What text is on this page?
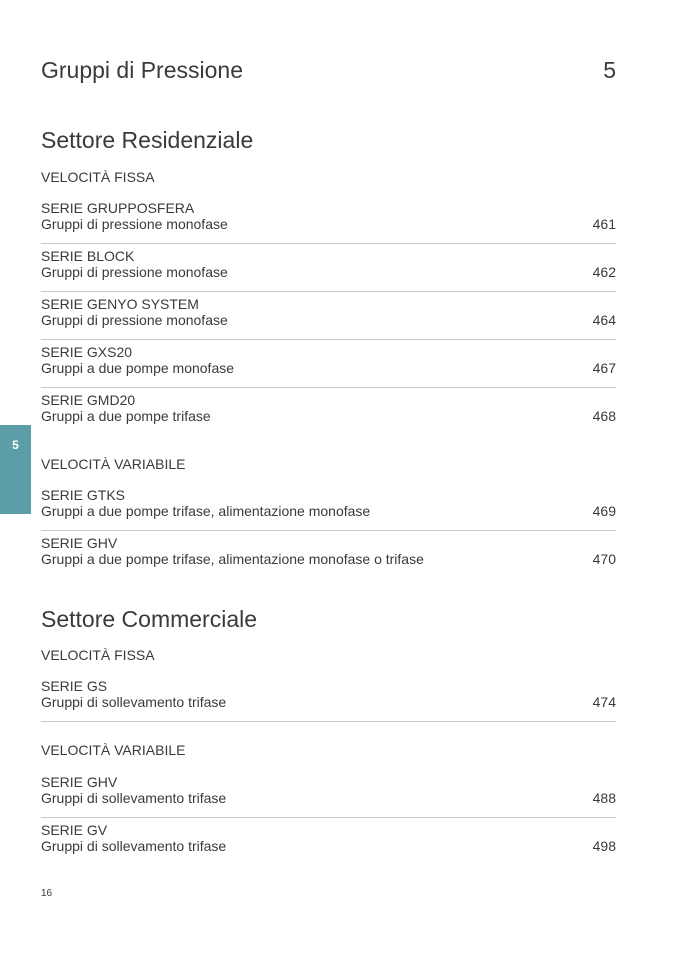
Gruppi di Pressione	5
5
Settore Residenziale
VELOCITÀ FISSA
SERIE GRUPPOSFERA
Gruppi di pressione monofase	461
SERIE BLOCK
Gruppi di pressione monofase	462
SERIE GENYO SYSTEM
Gruppi di pressione monofase	464
SERIE GXS20
Gruppi a due pompe monofase	467
SERIE GMD20
Gruppi a due pompe trifase	468
VELOCITÀ VARIABILE
SERIE GTKS
Gruppi a due pompe trifase, alimentazione monofase	469
SERIE GHV
Gruppi a due pompe trifase, alimentazione monofase o trifase	470
Settore Commerciale
VELOCITÀ FISSA
SERIE GS
Gruppi di sollevamento trifase	474
VELOCITÀ VARIABILE
SERIE GHV
Gruppi di sollevamento trifase	488
SERIE GV
Gruppi di sollevamento trifase	498
16
